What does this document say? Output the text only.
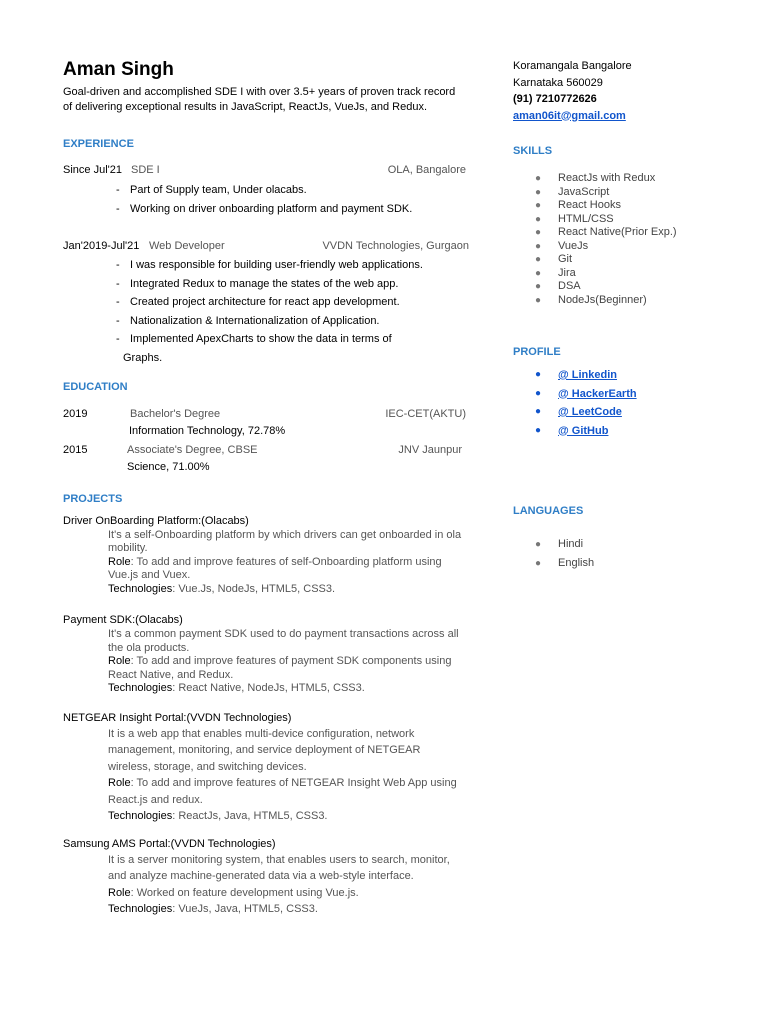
Aman Singh
Goal-driven and accomplished SDE I with over 3.5+ years of proven track record
of delivering exceptional results in JavaScript, ReactJs, VueJs, and Redux.
EXPERIENCE
Since Jul'21 SDE I	OLA, Bangalore
- Part of Supply team, Under olacabs.
- Working on driver onboarding platform and payment SDK.
Jan'2019-Jul'21 Web Developer	VVDN Technologies, Gurgaon
- I was responsible for building user-friendly web applications.
- Integrated Redux to manage the states of the web app.
- Created project architecture for react app development.
- Nationalization & Internationalization of Application.
- Implemented ApexCharts to show the data in terms of
Graphs.
EDUCATION
2019	Bachelor's Degree	IEC-CET(AKTU)
Information Technology, 72.78%
2015	Associate's Degree, CBSE	JNV Jaunpur
Science, 71.00%
PROJECTS
Driver OnBoarding Platform:(Olacabs)
It's a self-Onboarding platform by which drivers can get onboarded in ola
mobility.
Role: To add and improve features of self-Onboarding platform using
Vue.js and Vuex.
Technologies: Vue.Js, NodeJs, HTML5, CSS3.
Payment SDK:(Olacabs)
It's a common payment SDK used to do payment transactions across all
the ola products.
Role: To add and improve features of payment SDK components using
React Native, and Redux.
Technologies: React Native, NodeJs, HTML5, CSS3.
NETGEAR Insight Portal:(VVDN Technologies)
It is a web app that enables multi-device configuration, network
management, monitoring, and service deployment of NETGEAR
wireless, storage, and switching devices.
Role: To add and improve features of NETGEAR Insight Web App using
React.js and redux.
Technologies: ReactJs, Java, HTML5, CSS3.
Samsung AMS Portal:(VVDN Technologies)
It is a server monitoring system, that enables users to search, monitor,
and analyze machine-generated data via a web-style interface.
Role: Worked on feature development using Vue.js.
Technologies: VueJs, Java, HTML5, CSS3.
Koramangala Bangalore
Karnataka 560029
(91) 7210772626
aman06it@gmail.com
SKILLS
● ReactJs with Redux
● JavaScript
● React Hooks
● HTML/CSS
● React Native(Prior Exp.)
● VueJs
● Git
● Jira
● DSA
● NodeJs(Beginner)
PROFILE
● @ Linkedin
● @ HackerEarth
● @ LeetCode
● @ GitHub
LANGUAGES
● Hindi
● English
